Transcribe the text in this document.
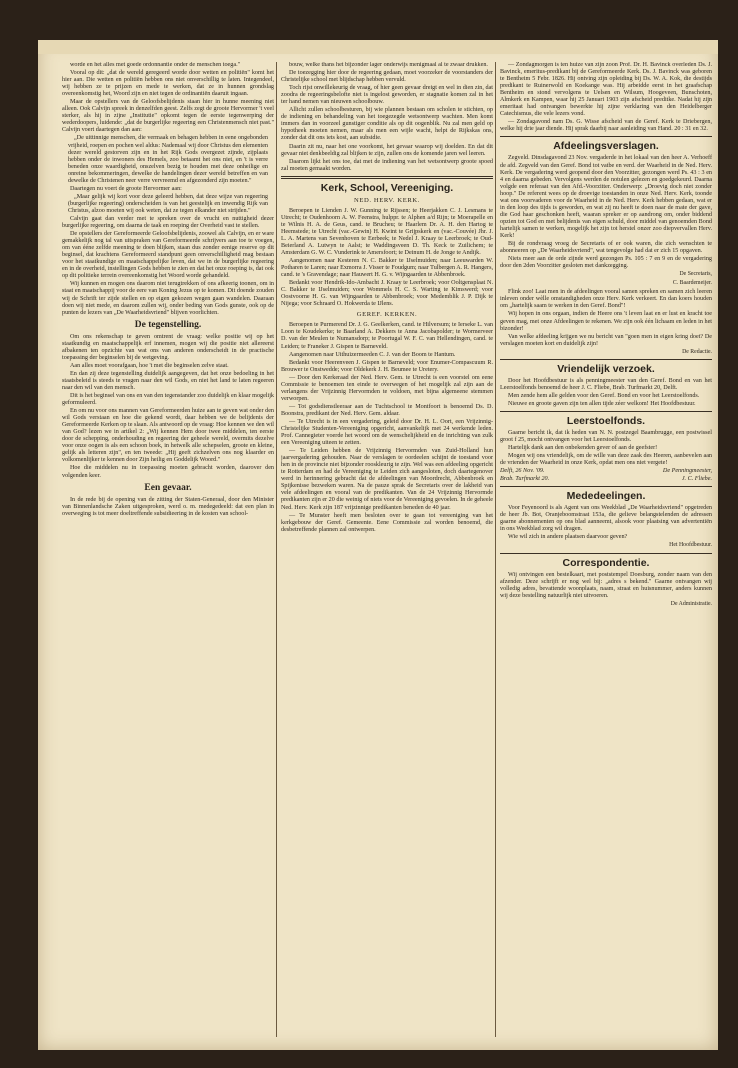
worde en het alles met goede ordonnantie onder de menschen toega."
Vooral op dit: „dat de wereld geregeerd worde door wetten en politiën" komt het hier aan. Die wetten en politiën hebben ons niet onverschillig te laten. Integendeel, wij hebben ze te prijzen en mede te werken, dat ze in hunnen grondslag overeenkomstig het, Woord zijn en niet tegen de ordinantiën daaruit ingaan.
Maar de opstellers van de Geloofsbelijdenis staan hier in hunne meening niet alleen. Ook Calvijn spreek in denzelfden geest. Zelfs zegt de groote Hervormer 't veel sterker, als hij in zijne „Institutie" opkomt tegen de eerste tegenwerping der wederdoopers, luidende: „dat de burgerlijke regeering een Christenmensch niet past." Calvijn voert daartegen dan aan:
„De uittinnige menschen, die vermaak en behagen hebben in eene ongebonden vrijheid, roepen en pochen wel aldus: Nademaal wij door Christus den elementen dezer wereld gestorven zijn en in het Rijk Gods overgezet zijnde, zijplaats hebben onder de inwoners des Hemels, zoo betaamt het ons niet, en 't is verre beneden onze waardigheid, onszelven bezig te houden met deze onheilige en onreine bekommeringen, dewelke de handelingen dezer wereld betreffen en van dewelke de Christenen neer verre vervreemd en afgezonderd zijn moeten."
Daartegen nu voert de groote Hervormer aan:
„Maar gelijk wij kort voor deze geleerd hebben, dat deze wijze van regeering (burgerlijke regeering) onderscheiden is van het geestelijk en inwendig Rijk van Christus, alzoo moeten wij ook weten, dat ze tegen elkander niet strijden."
Calvijn gaat dan verder met te spreken over de vrucht en nuttigheid dezer burgerlijke regeering, om daarna de taak en roeping der Overheid vast te stellen.
De opstellers der Gereformeerde Geloofsbelijdenis, zoowel als Calvijn, en er ware gemakkelijk nog tal van uitspraken van Gereformeerde schrijvers aan toe te voegen, om van ééne zelfde meening te doen blijken, staan dus zonder eenige reserve op dit beginsel, dat krachtens Gereformeerd standpunt geen onverschilligheid mag bestaan voor het staatkundige en maatschappelijke leven, dat we in de burgerlijke regeering en in de overheid, instellingen Gods hebben te zien en dat het onze roeping is, dat ook op dit politieke terrein overeenkomstig het Woord worde gehandeld.
Wij kunnen en mogen ons daarom niet terugtrekken of ons afkeerig toonen, om in staat en maatschappij voor de eere van Koning Jezus op te komen. Dit doende zouden wij de Schrift ter zijde stellen en op eigen gekozen wegen gaan wandelen. Daaraan doen wij niet mede, en daarom zullen wij, onder beding van Gods gunste, ook op de punten de lezers van „De Waarheidsvriend" blijven voorlichten.
De tegenstelling.
Om ons rekenschap te geven omtrent de vraag: welke positie wij op het staatkundig en maatschappelijk erf innemen, mogen wij die positie niet allereerst afbakenen ten opzichte van wat ons van anderen onderscheidt in de practische toepassing der beginselen bij de wetgeving.
Aan alles moet voorafgaan, hoe 't met die beginselen zelve staat.
En dan zij deze tegenstelling duidelijk aangegeven, dat het onze bedoeling in het staatsbeleid is steeds te vragen naar den wil Gods, en niet het land te laten regeeren naar den wil van den mensch.
Dit is het beginsel van ons en van den tegenstander zoo duidelijk en klaar mogelijk geformuleerd.
En om nu voor ons mannen van Gereformeerden huize aan te geven wat onder den wil Gods verstaan en hoe die gekend wordt, daar hebben we de belijdenis der Gereformeerde Kerken op te slaan. Als antwoord op de vraag: Hoe kennen we den wil van God? lezen we in artikel 2: „Wij kennen Hem door twee middelen, ten eerste door de schepping, onderhouding en regeering der geheele wereld, overmits dezelve voor onze oogen is als een schoon boek, in hetwelk alle schepselen, groote en kleine, gelijk als letteren zijn", en ten tweede: „Hij geeft zichzelven ons nog klaarder en volkomenlijker te kennen door Zijn heilig en Goddelijk Woord."
Hoe die middelen nu in toepassing moeten gebracht worden, daarover den volgenden keer.
Een gevaar.
In de rede bij de opening van de zitting der Staten-Generaal, door den Minister van Binnenlandsche Zaken uitgesproken, werd o. m. medegedeeld: dat een plan in overweging is tot meer doeltreffende subsidieering in de kosten van school-
bouw, welke thans het bijzonder lager onderwijs menigmaal al te zwaar drukken.
De toezegging hier door de regeering gedaan, moet voorzeker de voorstanders der Christelijke school met blijdschap hebben vervuld.
Toch rijst onwillekeurig de vraag, of hier geen gevaar dreigt en wel in dien zin, dat zoodra de regeeringsbelofte niet is ingelost geworden, er stagnatie komen zal in het ter hand nemen van nieuwen schoolbouw.
Allicht zullen schoolbesturen, bij wie plannen bestaan om scholen te stichten, op de indiening en behandeling van het toegezegde wetsontwerp wachten. Men komt immers dan in voorzeel gunstiger conditie als op dit oogenblik. Nu zal men geld op hypotheek moeten nemen, maar als men een wijle wacht, helpt de Rijkskas ons, zonder dat dit ons iets kost, aan subsidie.
Daarin zit nu, naar het one voorkomt, het gevaar waarop wij doelden. En dat dit gevaar niet denkbeeldig zal blijken te zijn, zullen ons de komende jaren wel leeren.
Daarom lijkt het ons toe, dat met de indiening van het wetsontwerp groote spoed zal moeten gemaakt worden.
Kerk, School, Vereeniging.
NED. HERV. KERK.
Beroepen te Lienden J. W. Gunning te Rijssen; te Heerjakken C. J. Lesmans te Utrecht; te Oudenhoorn A. W. Feenstra, hulppr. te Alphen a/d Rijn; te Moerapelle en te Wilnis H. A. de Geus, cand. te Brucheu; te Haarlem Dr. A. H. den Hartog te Heemstede; te Utrecht (vac.-Gewin) H. Kwint te Grijpskerk en (vac.-Couvée) Jhr. J. L. A. Martens van Sevenhoven te Eerbeek; te Nedel J. Kraay te Leerbroek; te Oud-Beierland A. Lutwyn te Aalst; te Waddingsveen D. Th. Keck te Zuilichem; te Amsterdam G. W. C. Vunderink te Amersfoort; te Deinum H. de Jonge te Andijk.
Aangenomen naar Kesteren N. C. Bakker te IJselmuiden; naar Leeuwarden W. Potharen te Laren; naar Exmorra J. Visser te Foudgum; naar Tulbergen A. R. Hangers, cand. te 's Gravendage; naar Hauwert H. G. v. Wijngaarden te Abbenbroek.
Bedankt voor Hendrik-Ido-Ambacht J. Kraay te Leerbroek; voor Ooltgensplaat N. C. Bakker te IJselmuiden; voor Wommels H. C. S. Warting te Kimswerd; voor Oostvoorne H. G. van Wijngaarden te Abbenbroek; voor Medemblik J. P. Dijk te Nijega; voor Schraard O. Hokwerda te IJlens.
GEREF. KERKEN.
Beroepen te Purmerend Dr. J. G. Geelkerken, cand. te Hilversum; te Ierseke L. van Loon te Koudekerke; te Baarland A. Dekkers te Anna Jacobapolder; te Wormerveer D. van der Meulen te Numansdorp; te Poortugal W. F. C. van Hellendingen, cand. te Leiden; te Franeker J. Gispen te Barneveld.
Aangenomen naar Uithuizermeeden C. J. van der Boom te Hantum.
Bedankt voor Heerenveen J. Gispen te Barneveld; voor Enumer-Compascuum R. Brouwer te Onstwedde; voor Oldekerk J. H. Beumee te Uretery.
— Door den Kerkeraad der Ned. Herv. Gem. te Utrecht is een voorstel om eene Commissie te benoemen ten einde te overwegen of het mogelijk zal zijn aan de verlangens der Vrijzinnig Hervormden te voldoen, met bijna algemeene stemmen verworpen.
— Tot godsdienstleeraar aan de Tuchtschool te Montfoort is benoemd Ds. D. Boonstra, predikant der Ned. Herv. Gem. aldaar.
— Te Utrecht is in een vergadering, geleid door Dr. H. L. Oort, een Vrijzinnig-Christelijke Studenten-Vereeniging opgericht, aanvankelijk met 24 werkende leden. Prof. Cannegieter voerde het woord om de wenschelijkheid en de inrichting van zulk een Vereeniging uiteen te zetten.
— Te Leiden hebben de Vrijzinnig Hervormden van Zuid-Holland hun jaarvergadering gehouden. Naar de verslagen te oordeelen schijnt de toestand voor hen in de provincie niet bijzonder rooskleurig te zijn. Wel was een afdeeling opgericht te Rotterdam en had de Vereeniging te Leiden zich aangesloten, doch daartegenover werd in herinnering gebracht dat de afdeelingen van Moordrecht, Abbenbroek en Spijkenisse bezweken waren. Na de pauze sprak de Secretaris over de lakheid van vele afdeelingen en vooral van de predikanten. Van de 24 Vrijzinnig Hervormde predikanten zijn er 20 die weinig of niets voor de Vereeniging gevoelen. In de geheele Ned. Herv. Kerk zijn 187 vrijzinnige predikanten beneden de 40 jaar.
— Te Munster heeft men besloten over te gaan tot vereeniging van het kerkgebouw der Geref. Gemeente. Eene Commissie zal worden benoemd, die desbetreffende plannen zal ontwerpen.
— Zondagmorgen is ten huize van zijn zoon Prof. Dr. H. Bavinck overleden Ds. J. Bavinck, emeritus-predikant bij de Gereformeerde Kerk. Ds. J. Bavinck was geboren te Bentheim 5 Febr. 1826. Hij ontving zijn opleiding bij Ds. W. A. Kok, die destijds predikant te Ruinerwold en Koekange was. Hij arbeidde eerst in het graafschap Bentheim en stond vervolgens te Uelsen en Wilsum, Hoogeveen, Bunschoten, Almkerk en Kampen, waar hij 25 Januari 1903 zijn afscheid preditke. Nadat hij zijn emeritaat had ontvangen bewerkte hij zijne verklaring van den Heidelberger Catechismus, die vele lezers vond.
— Zondagavond nam Ds. G. Wisse afscheid van de Geref. Kerk te Driebergen, welke hij drie jaar diende. Hij sprak daarbij naar aanleiding van Hand. 20 : 31 en 32.
Afdeelingsverslagen.
Zegveld. Dinsdagavond 23 Nov. vergaderde in het lokaal van den heer A. Verhoeff de afd. Zegveld van den Geref. Bond tot vatbe en verd. der Waarheid in de Ned. Herv. Kerk. De vergadering werd geopend door den Voorzitter, gezongen werd Ps. 43 : 3 en 4 en daarna gebeden. Vervolgens werden de notulen gelezen en goedgekeurd. Daarna volgde een referaat van den Afd.-Voorzitter. Onderwerp: „Droevig doch niet zonder hoop." De referent wees op de droevige toestanden in onze Ned. Herv. Kerk, toonde wat ons voorvaderen voor de Waarheid in de Ned. Herv. Kerk hebben gedaan, wat er in den loop des tijds is geworden, en wat zij nu heeft te doen naar de mate der gave, die God haar geschonken heeft, waaran spreker er op aandrong om, onder biddend opzien tot God en met belijdenis van eigen schuld, door middel van genoemden Bond hartelijk samen te werken, mogelijk het zijn tot herstel onzer zoo diepvervallen Herv. Kerk!
Bij de rondvraag vroeg de Secretaris of er ook waren, die zich wenschten te abonneeren op „De Waarheidsvriend", wat tengevolge had dat er zich 15 opgaven.
Niets meer aan de orde zijnde werd gezongen Ps. 105 : 7 en 9 en de vergadering door den 2den Voorzitter gesloten met dankzegging.
De Secretaris,
C. Baardemeijer.
Flink zoo! Laat men in de afdeelingen vooral samen spreken en samen zich leeren inleven onder wèlle omstandigheden onze Herv. Kerk verkeert. En dan koers houden om „hartelijk saam te werken in den Geref. Bond"!
Wij hopen in ons orgaan, indien de Heere ons 't leven laat en er lust en kracht toe geven mag, met onze Afdeelingen te rekenen. We zijn ook één lichaam en leden in het bizonder!
Van welke afdeeling krijgen we nu bericht van "goen men in eigen kring doet? De verslagen moeten kort en duidelijk zijn!
De Redactie.
Vriendelijk verzoek.
Door het Hoofdbestuur is als penningmeester van den Geref. Bond en van het Leerstoelfonds benoemd de heer J. C. Fliebe, Brab. Turfmarkt 20, Delft.
Men zende hem alle gelden voor den Geref. Bond en voor het Leerstoelfonds.
Nieuwe en groote gaven zijn ten allen tijde zéer welkom! Het Hoofdbestuur.
Leerstoelfonds.
Gaarne bericht ik, dat ik heden van N. N. postzegel Baambrugge, een postwissel groot f 25, mocht ontvangen voor het Leerstoelfonds.
Hartelijk dank aan den onbekenden gever of aan de geefster!
Mogen wij ons vriendelijk, om de wille van deze zaak des Heeren, aanbevelen aan de vrienden der Waarheid in onze Kerk, opdat men ons niet vergete!
Delft, 26 Nov. '09.	De Penningmeester,
Brab. Turfmarkt 20.	J. C. Fliebe.
Mededeelingen.
Voor Feyenoord is als Agent van ons Weekblad „De Waarheidsvriend" opgetreden de heer Jb. Bot, Oranjeboomstraat 153a, die gelieve belangstelenden de adressen gaarne abonnementen op ons blad aanneemt, alsook voor plaatsing van advertentiën in ons Weekblad zorg wil dragen.
Wie wil zich in andere plaatsen daarvoor geven?
Het Hoofdbestuur.
Correspondentie.
Wij ontvingen een bestelkaart, met poststempel Doesburg, zonder naam van den afzender. Deze schrijft er nog wel bij: „adres s bekend." Gaarne ontvangen wij volledig adres, bevattende woonplaats, naam, straat en huisnummer, anders kunnen wij deze bestelling natuurlijk niet uitvoeren.
De Administratie.
